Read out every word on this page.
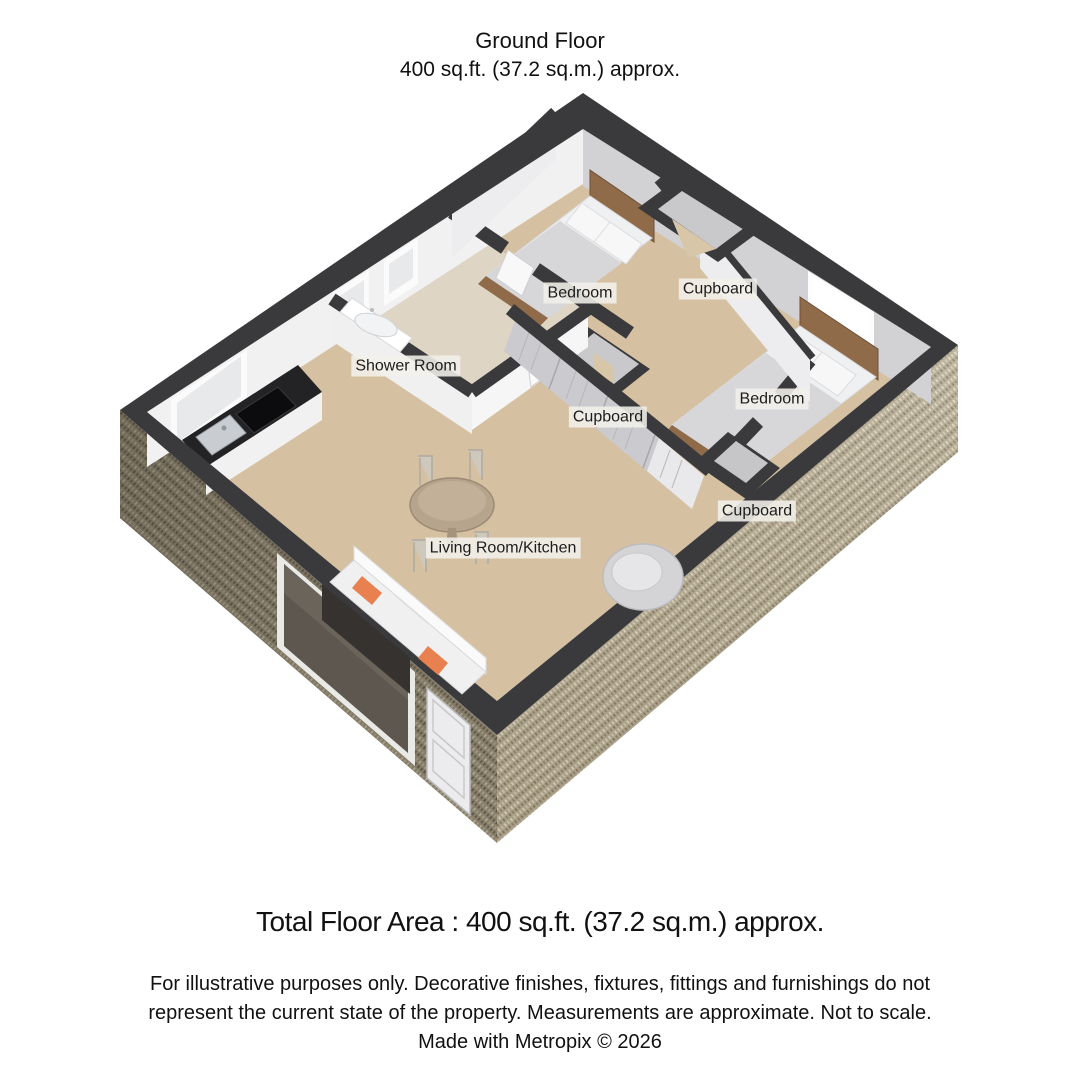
Ground Floor
400 sq.ft. (37.2 sq.m.) approx.
Bedroom	Cupboard
Shower Room
Cupboard
Bedroom
Cupboard
Living Room/Kitchen
Total Floor Area : 400 sq.ft. (37.2 sq.m.) approx.
For illustrative purposes only. Decorative finishes, fixtures, fittings and furnishings do not
represent the current state of the property. Measurements are approximate. Not to scale.
Made with Metropix © 2026
